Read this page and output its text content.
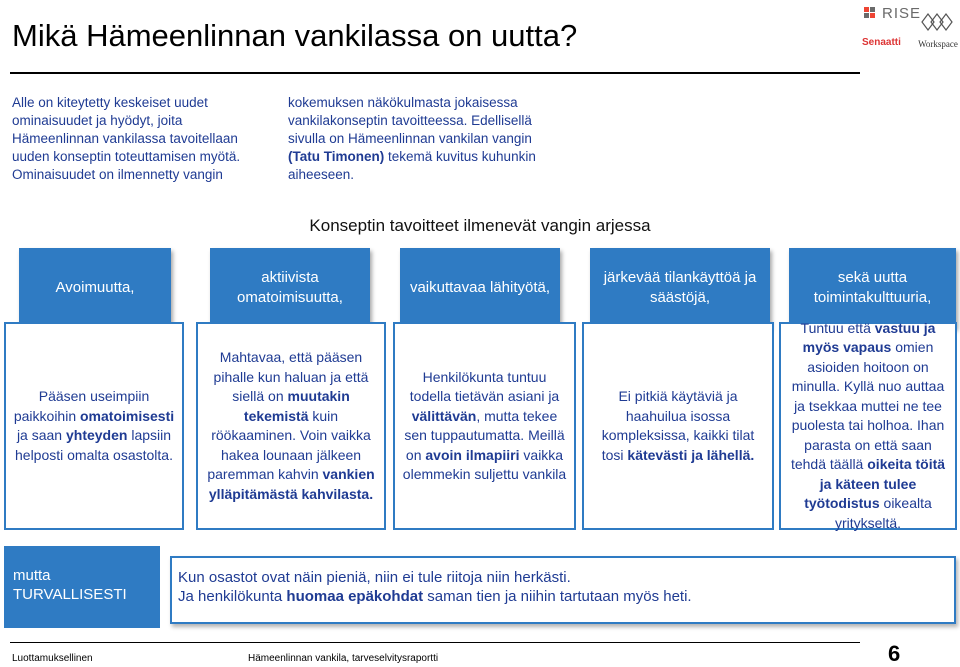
Mikä Hämeenlinnan vankilassa on uutta?
RISE
Senaatti Workspace
Alle on kiteytetty keskeiset uudet
ominaisuudet ja hyödyt, joita
Hämeenlinnan vankilassa tavoitellaan
uuden konseptin toteuttamisen myötä.
Ominaisuudet on ilmennetty vangin
kokemuksen näkökulmasta jokaisessa
vankilakonseptin tavoitteessa. Edellisellä
sivulla on Hämeenlinnan vankilan vangin
(Tatu Timonen) tekemä kuvitus kuhunkin
aiheeseen.
Konseptin tavoitteet ilmenevät vangin arjessa
Avoimuutta,
aktiivista omatoimisuutta,
vaikuttavaa lähityötä,
järkevää tilankäyttöä ja säästöjä,
sekä uutta toimintakulttuuria,
Pääsen useimpiin paikkoihin omatoimisesti ja saan yhteyden lapsiin helposti omalta osastolta.
Mahtavaa, että pääsen pihalle kun haluan ja että siellä on muutakin tekemistä kuin röökaaminen. Voin vaikka hakea lounaan jälkeen paremman kahvin vankien ylläpitämästä kahvilasta.
Henkilökunta tuntuu todella tietävän asiani ja välittävän, mutta tekee sen tuppautumatta. Meillä on avoin ilmapiiri vaikka olemmekin suljettu vankila
Ei pitkiä käytäviä ja haahuilua isossa kompleksissa, kaikki tilat tosi kätevästi ja lähellä.
Tuntuu että vastuu ja myös vapaus omien asioiden hoitoon on minulla. Kyllä nuo auttaa ja tsekkaa muttei ne tee puolesta tai holhoa. Ihan parasta on että saan tehdä täällä oikeita töitä ja käteen tulee työtodistus oikealta yritykseltä.
mutta
TURVALLISESTI
Kun osastot ovat näin pieniä, niin ei tule riitoja niin herkästi.
Ja henkilökunta huomaa epäkohdat saman tien ja niihin tartutaan myös heti.
Luottamuksellinen	Hämeenlinnan vankila, tarveselvitysraportti	6
